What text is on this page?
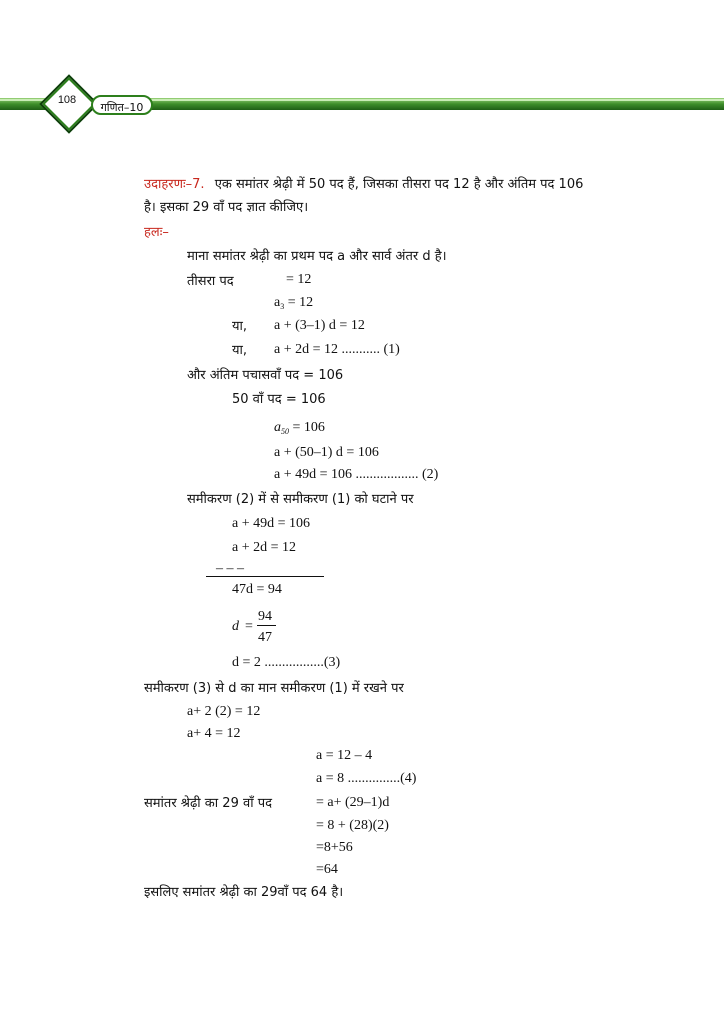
108
गणित–10
उदाहरणः–7. एक समांतर श्रेढ़ी में 50 पद हैं, जिसका तीसरा पद 12 है और अंतिम पद 106
है। इसका 29 वाँ पद ज्ञात कीजिए।
हलः–
माना समांतर श्रेढ़ी का प्रथम पद a और सार्व अंतर d है।
तीसरा पद	= 12
$a_3 = 12$
या, a + (3–1) d = 12
या, a + 2d = 12 ........... (1)
और अंतिम पचासवाँ पद = 106
50 वाँ पद = 106
$a_{50} = 106$
a + (50–1) d = 106
a + 49d = 106 .................. (2)
समीकरण (2) में से समीकरण (1) को घटाने पर
a + 49d = 106
a + 2d = 12
– – –
47d = 94
d =
94
47
d = 2 .................(3)
समीकरण (3) से d का मान समीकरण (1) में रखने पर
a+ 2 (2) = 12
a+ 4 = 12
a = 12 – 4
a = 8 ...............(4)
समांतर श्रेढ़ी का 29 वाँ पद	= a+ (29–1)d
= 8 + (28)(2)
=8+56
=64
इसलिए समांतर श्रेढ़ी का 29वाँ पद 64 है।
